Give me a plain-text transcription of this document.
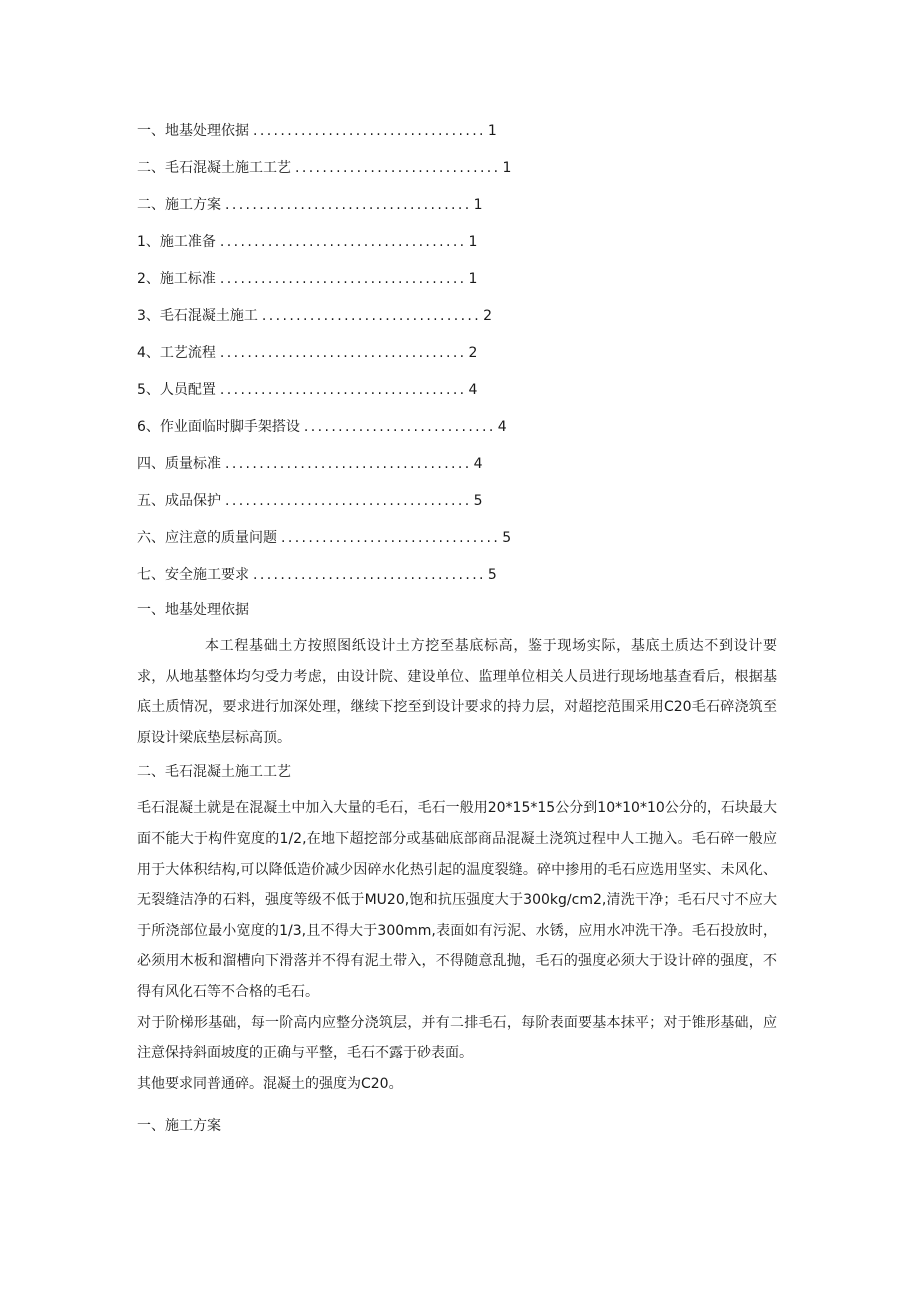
一、地基处理依据 .................................. 1
二、毛石混凝土施工工艺 .............................. 1
二、施工方案 .................................... 1
1、施工准备 .................................... 1
2、施工标准 .................................... 1
3、毛石混凝土施工 ................................ 2
4、工艺流程 .................................... 2
5、人员配置 .................................... 4
6、作业面临时脚手架搭设 ............................ 4
四、质量标准 .................................... 4
五、成品保护 .................................... 5
六、应注意的质量问题 ................................ 5
七、安全施工要求 .................................. 5
一、地基处理依据

本工程基础土方按照图纸设计土方挖至基底标高，鉴于现场实际，基底土质达不到设计要求，从地基整体均匀受力考虑，由设计院、建设单位、监理单位相关人员进行现场地基查看后，根据基底土质情况，要求进行加深处理，继续下挖至到设计要求的持力层，对超挖范围采用C20毛石碎浇筑至原设计梁底垫层标高顶。

二、毛石混凝土施工工艺

毛石混凝土就是在混凝土中加入大量的毛石，毛石一般用20*15*15公分到10*10*10公分的，石块最大面不能大于构件宽度的1/2,在地下超挖部分或基础底部商品混凝土浇筑过程中人工抛入。毛石碎一般应用于大体积结构,可以降低造价减少因碎水化热引起的温度裂缝。碎中掺用的毛石应选用坚实、未风化、无裂缝洁净的石料，强度等级不低于MU20,饱和抗压强度大于300kg∕cm2,清洗干净；毛石尺寸不应大于所浇部位最小宽度的1/3,且不得大于300mm,表面如有污泥、水锈，应用水冲洗干净。毛石投放时，必须用木板和溜槽向下滑落并不得有泥土带入，不得随意乱抛，毛石的强度必须大于设计碎的强度，不得有风化石等不合格的毛石。

对于阶梯形基础，每一阶高内应整分浇筑层，并有二排毛石，每阶表面要基本抹平；对于锥形基础，应注意保持斜面坡度的正确与平整，毛石不露于砂表面。

其他要求同普通碎。混凝土的强度为C20。

一、施工方案
